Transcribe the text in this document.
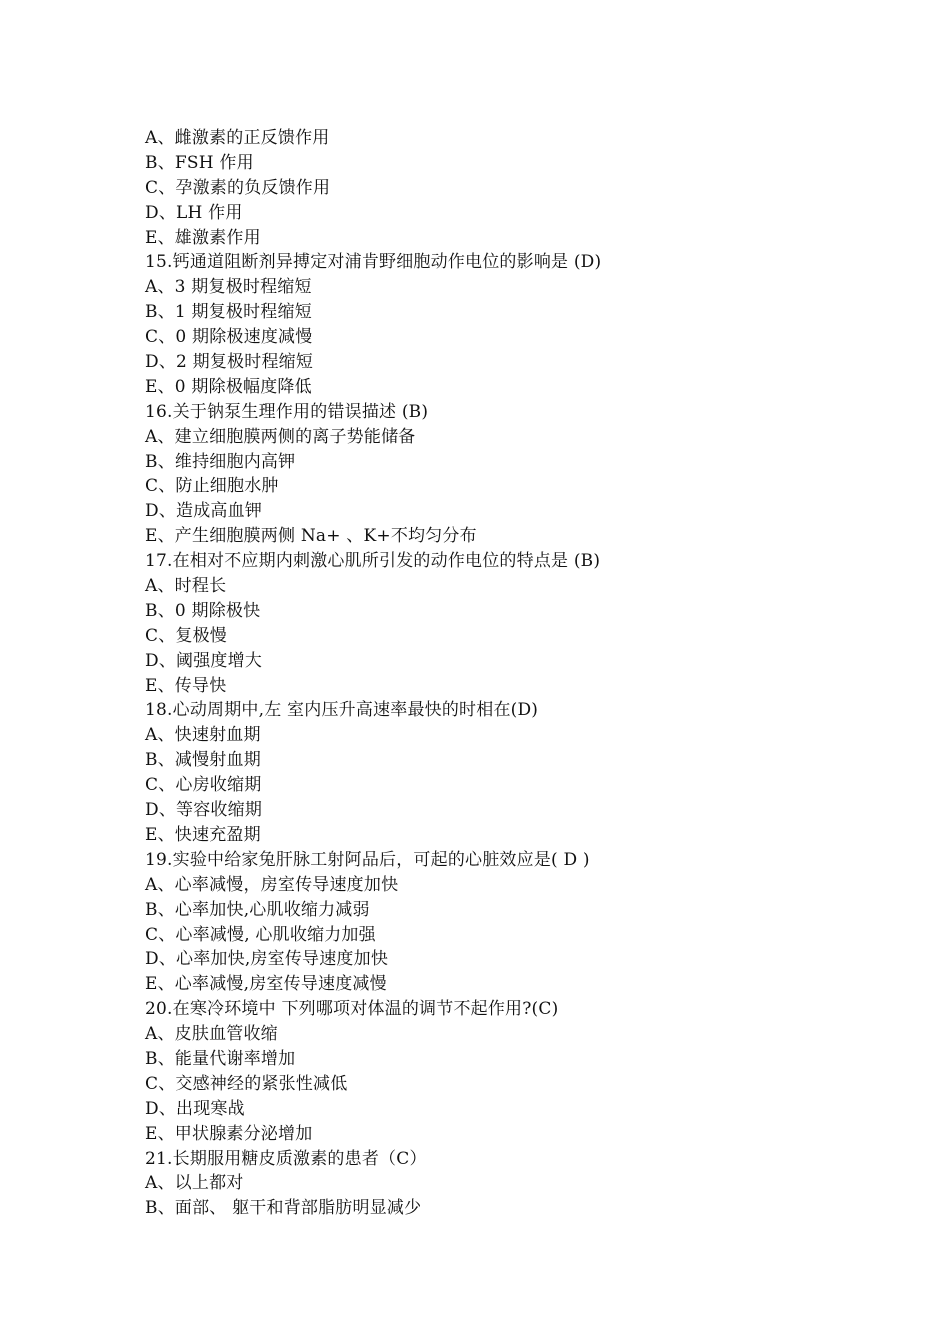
A、雌激素的正反馈作用
B、FSH 作用
C、孕激素的负反馈作用
D、LH 作用
E、雄激素作用
15.钙通道阻断剂异搏定对浦肯野细胞动作电位的影响是 (D)
A、3 期复极时程缩短
B、1 期复极时程缩短
C、0 期除极速度减慢
D、2 期复极时程缩短
E、0 期除极幅度降低
16.关于钠泵生理作用的错误描述 (B)
A、建立细胞膜两侧的离子势能储备
B、维持细胞内高钾
C、防止细胞水肿
D、造成高血钾
E、产生细胞膜两侧 Na+ 、K+不均匀分布
17.在相对不应期内刺激心肌所引发的动作电位的特点是 (B)
A、时程长
B、0 期除极快
C、复极慢
D、阈强度增大
E、传导快
18.心动周期中,左 室内压升高速率最快的时相在(D)
A、快速射血期
B、减慢射血期
C、心房收缩期
D、等容收缩期
E、快速充盈期
19.实验中给家兔肝脉工射阿品后，可起的心脏效应是( D )
A、心率减慢，房室传导速度加快
B、心率加快,心肌收缩力减弱
C、心率减慢, 心肌收缩力加强
D、心率加快,房室传导速度加快
E、心率减慢,房室传导速度减慢
20.在寒冷环境中 下列哪项对体温的调节不起作用?(C)
A、皮肤血管收缩
B、能量代谢率增加
C、交感神经的紧张性减低
D、出现寒战
E、甲状腺素分泌增加
21.长期服用糖皮质激素的患者（C）
A、以上都对
B、面部、 躯干和背部脂肪明显减少
